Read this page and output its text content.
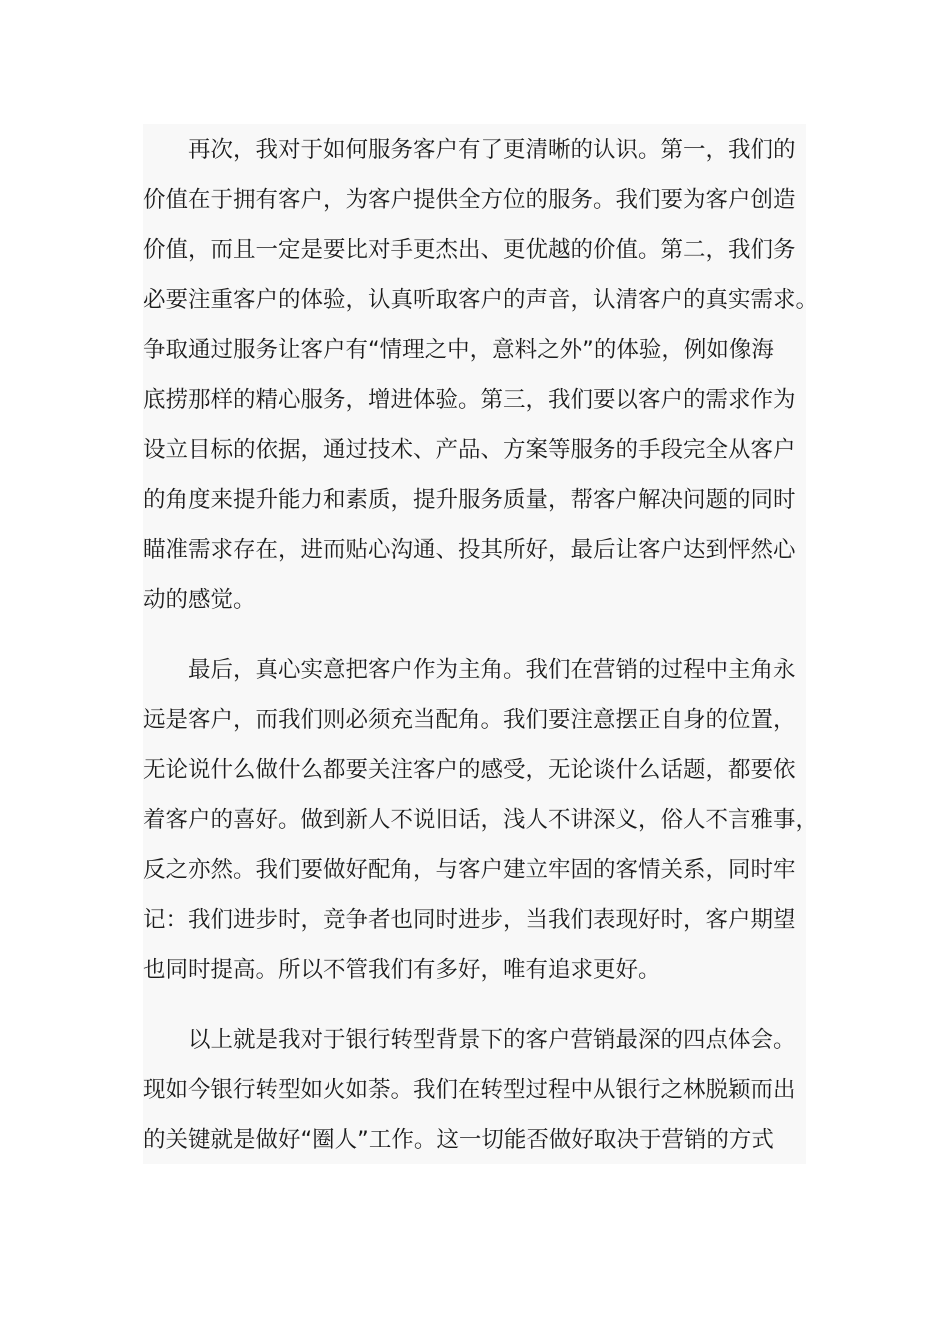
　　再次，我对于如何服务客户有了更清晰的认识。第一，我们的
价值在于拥有客户，为客户提供全方位的服务。我们要为客户创造
价值，而且一定是要比对手更杰出、更优越的价值。第二，我们务
必要注重客户的体验，认真听取客户的声音，认清客户的真实需求。
争取通过服务让客户有“情理之中，意料之外”的体验，例如像海
底捞那样的精心服务，增进体验。第三，我们要以客户的需求作为
设立目标的依据，通过技术、产品、方案等服务的手段完全从客户
的角度来提升能力和素质，提升服务质量，帮客户解决问题的同时
瞄准需求存在，进而贴心沟通、投其所好，最后让客户达到怦然心
动的感觉。
　　最后，真心实意把客户作为主角。我们在营销的过程中主角永
远是客户，而我们则必须充当配角。我们要注意摆正自身的位置，
无论说什么做什么都要关注客户的感受，无论谈什么话题，都要依
着客户的喜好。做到新人不说旧话，浅人不讲深义，俗人不言雅事，
反之亦然。我们要做好配角，与客户建立牢固的客情关系，同时牢
记：我们进步时，竞争者也同时进步，当我们表现好时，客户期望
也同时提高。所以不管我们有多好，唯有追求更好。
　　以上就是我对于银行转型背景下的客户营销最深的四点体会。
现如今银行转型如火如荼。我们在转型过程中从银行之林脱颖而出
的关键就是做好“圈人”工作。这一切能否做好取决于营销的方式
